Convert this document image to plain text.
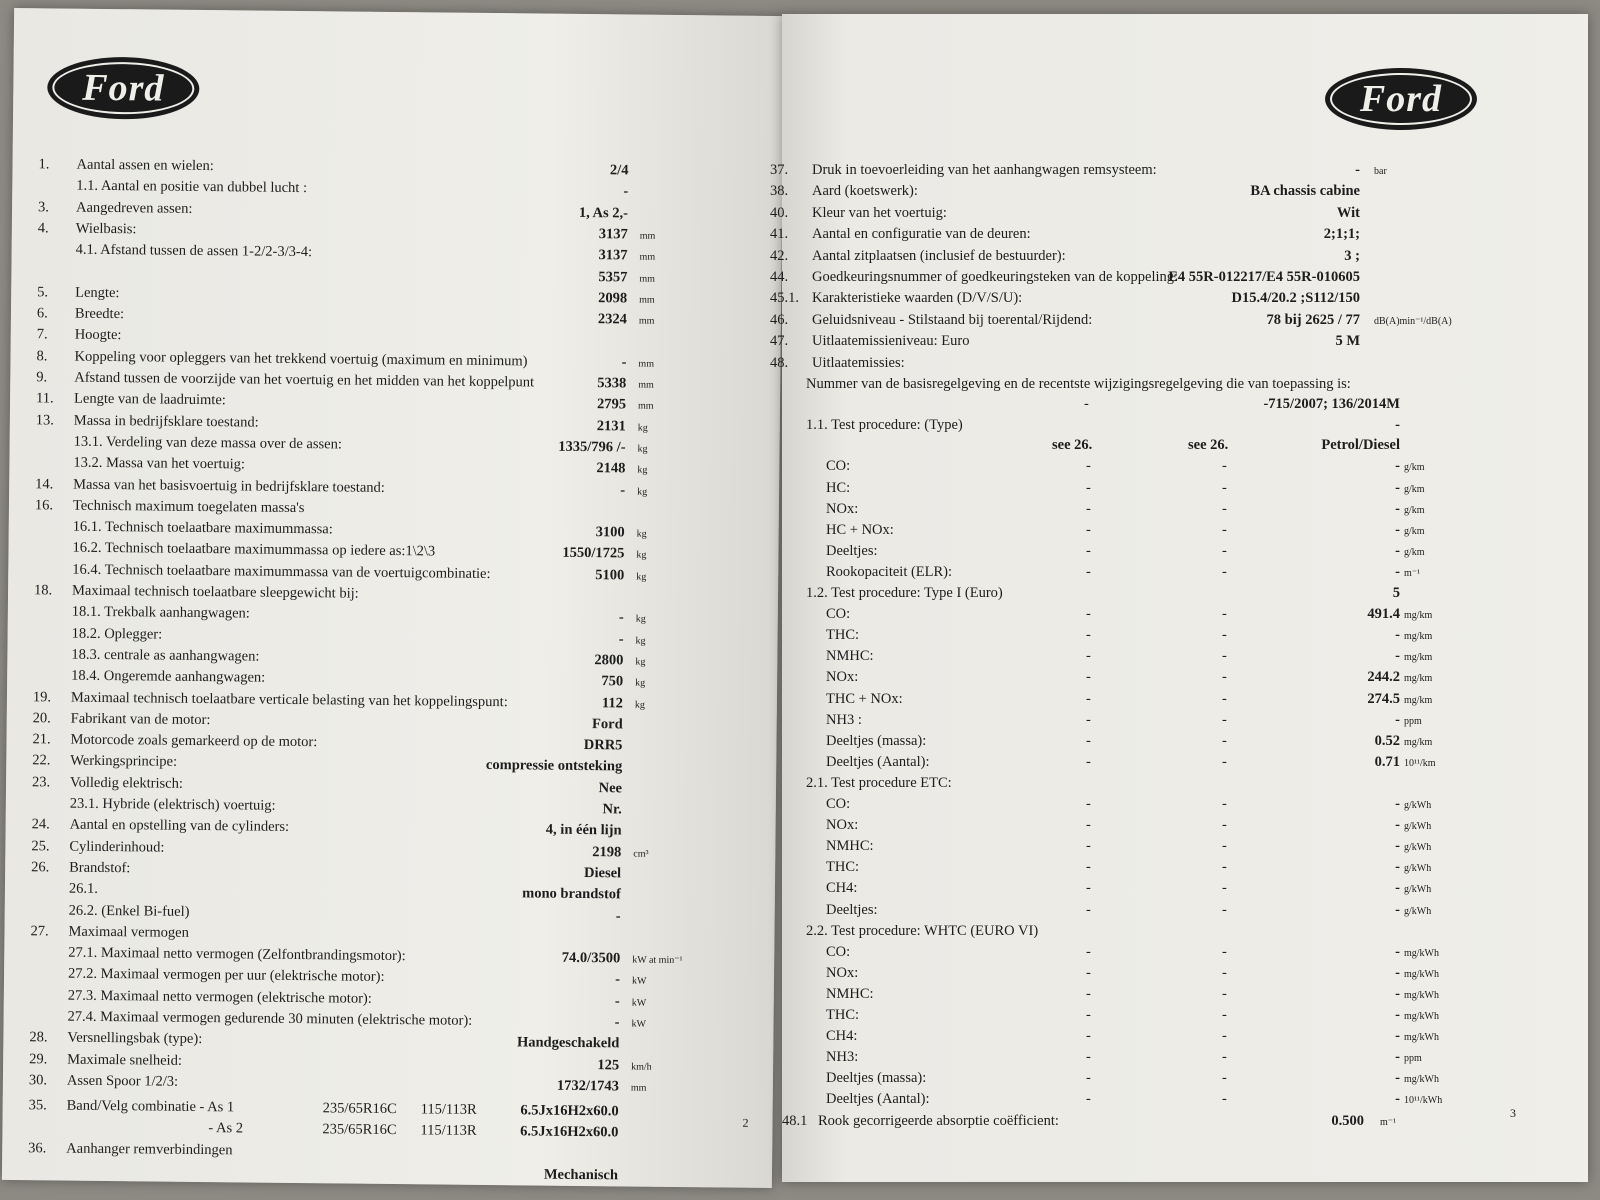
Ford
1. Aantal assen en wielen:	2/4
1.1. Aantal en positie van dubbel lucht :	-
3. Aangedreven assen:	1, As 2,-
4. Wielbasis:	3137 mm
4.1. Afstand tussen de assen 1-2/2-3/3-4:	3137 mm
5357 mm
5. Lengte:	2098 mm
6. Breedte:	2324 mm
7. Hoogte:
8. Koppeling voor opleggers van het trekkend voertuig (maximum en minimum)	- mm
9. Afstand tussen de voorzijde van het voertuig en het midden van het koppelpunt	5338 mm
11. Lengte van de laadruimte:	2795 mm
13. Massa in bedrijfsklare toestand:	2131 kg
13.1. Verdeling van deze massa over de assen:	1335/796 /- kg
13.2. Massa van het voertuig:	2148 kg
14. Massa van het basisvoertuig in bedrijfsklare toestand:	- kg
16. Technisch maximum toegelaten massa's
16.1. Technisch toelaatbare maximummassa:	3100 kg
16.2. Technisch toelaatbare maximummassa op iedere as:1\2\3	1550/1725 kg
16.4. Technisch toelaatbare maximummassa van de voertuigcombinatie:	5100 kg
18. Maximaal technisch toelaatbare sleepgewicht bij:
18.1. Trekbalk aanhangwagen:	- kg
18.2. Oplegger:	- kg
18.3. centrale as aanhangwagen:	2800 kg
18.4. Ongeremde aanhangwagen:	750 kg
19. Maximaal technisch toelaatbare verticale belasting van het koppelingspunt:	112 kg
20. Fabrikant van de motor:	Ford
21. Motorcode zoals gemarkeerd op de motor:	DRR5
22. Werkingsprincipe:	compressie ontsteking
23. Volledig elektrisch:	Nee
23.1. Hybride (elektrisch) voertuig:	Nr.
24. Aantal en opstelling van de cylinders:	4, in één lijn
25. Cylinderinhoud:	2198 cm³
26. Brandstof:	Diesel
26.1.	mono brandstof
26.2. (Enkel Bi-fuel)	-
27. Maximaal vermogen
27.1. Maximaal netto vermogen (Zelfontbrandingsmotor):	74.0/3500 kW at min⁻¹
27.2. Maximaal vermogen per uur (elektrische motor):	- kW
27.3. Maximaal netto vermogen (elektrische motor):	- kW
27.4. Maximaal vermogen gedurende 30 minuten (elektrische motor):	- kW
28. Versnellingsbak (type):	Handgeschakeld
29. Maximale snelheid:	125 km/h
30. Assen Spoor 1/2/3:	1732/1743 mm
35. Band/Velg combinatie - As 1	235/65R16C 115/113R	6.5Jx16H2x60.0
- As 2	235/65R16C 115/113R	6.5Jx16H2x60.0
36. Aanhanger remverbindingen
Mechanisch
2
Ford
37. Druk in toevoerleiding van het aanhangwagen remsysteem:	- bar
38. Aard (koetswerk):	BA chassis cabine
40. Kleur van het voertuig:	Wit
41. Aantal en configuratie van de deuren:	2;1;1;
42. Aantal zitplaatsen (inclusief de bestuurder):	3 ;
44. Goedkeuringsnummer of goedkeuringsteken van de koppeling:
E4 55R-012217/E4 55R-010605
45.1. Karakteristieke waarden (D/V/S/U):	D15.4/20.2 ;S112/150
46. Geluidsniveau - Stilstaand bij toerental/Rijdend:	78 bij 2625 / 77 dB(A)min⁻¹/dB(A)
47. Uitlaatemissieniveau: Euro	5 M
48. Uitlaatemissies:
Nummer van de basisregelgeving en de recentste wijzigingsregelgeving die van toepassing is:
-	-715/2007; 136/2014M
1.1. Test procedure: (Type)	-
see 26.	see 26.	Petrol/Diesel
CO:	-	-	- g/km
HC:	-	-	- g/km
NOx:	-	-	- g/km
HC + NOx:	-	-	- g/km
Deeltjes:	-	-	- g/km
Rookopaciteit (ELR):	-	-	- m⁻¹
1.2. Test procedure: Type I (Euro)	5
CO:	-	-	491.4 mg/km
THC:	-	-	- mg/km
NMHC:	-	-	- mg/km
NOx:	-	-	244.2 mg/km
THC + NOx:	-	-	274.5 mg/km
NH3 :	-	-	- ppm
Deeltjes (massa):	-	-	0.52 mg/km
Deeltjes (Aantal):	-	-	0.71 10¹¹/km
2.1. Test procedure ETC:
CO:	-	-	- g/kWh
NOx:	-	-	- g/kWh
NMHC:	-	-	- g/kWh
THC:	-	-	- g/kWh
CH4:	-	-	- g/kWh
Deeltjes:	-	-	- g/kWh
2.2. Test procedure: WHTC (EURO VI)
CO:	-	-	- mg/kWh
NOx:	-	-	- mg/kWh
NMHC:	-	-	- mg/kWh
THC:	-	-	- mg/kWh
CH4:	-	-	- mg/kWh
NH3:	-	-	- ppm
Deeltjes (massa):	-	-	- mg/kWh
Deeltjes (Aantal):	-	-	- 10¹¹/kWh
48.1 Rook gecorrigeerde absorptie coëfficient:	0.500 m⁻¹
3
